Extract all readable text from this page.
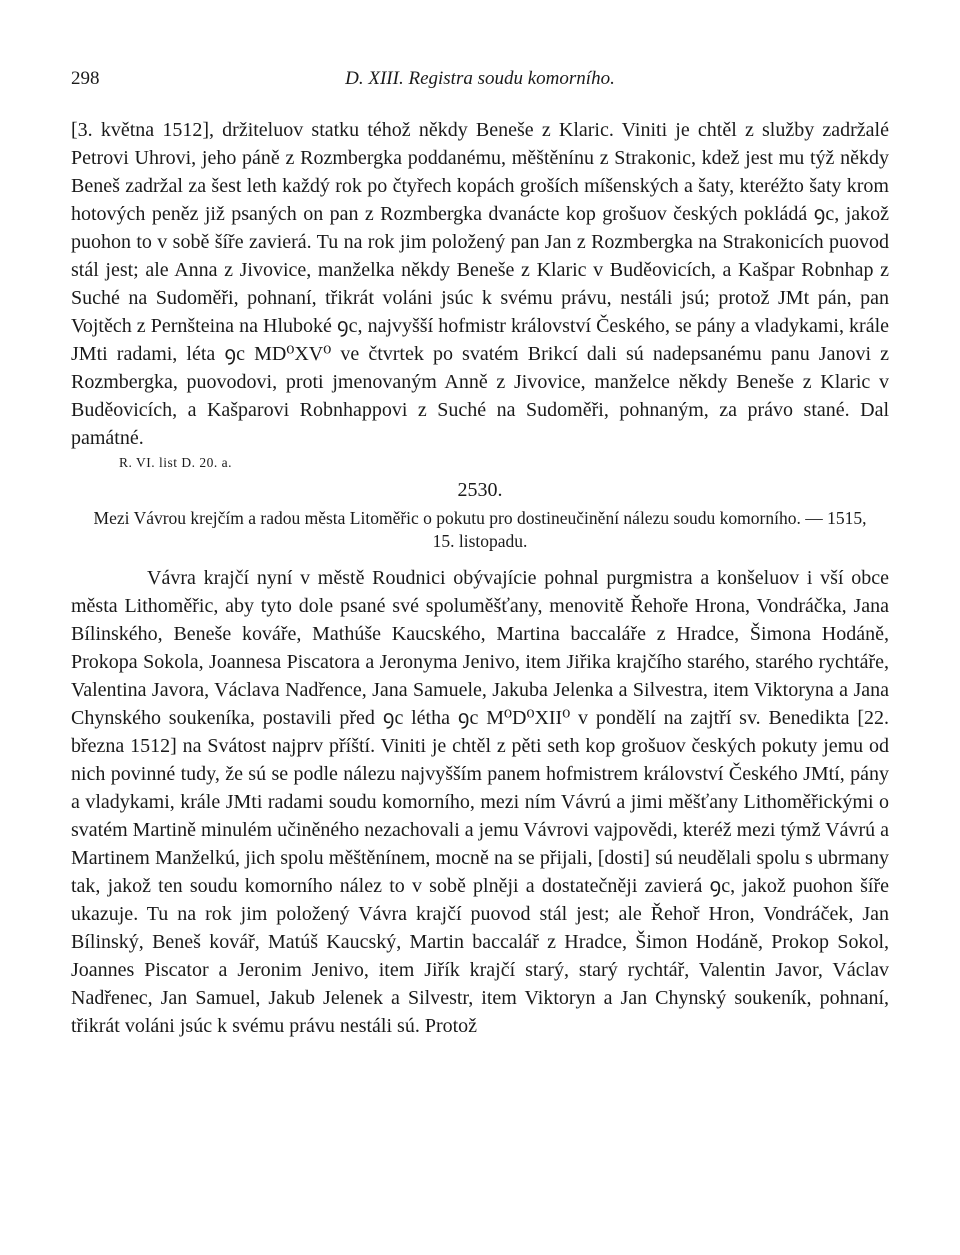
298	D. XIII. Registra soudu komorního.

[3. května 1512], držiteluov statku téhož někdy Beneše z Klaric. Viniti je chtěl z služby zadržalé Petrovi Uhrovi, jeho páně z Rozmbergka poddanému, měštěnínu z Strakonic, kdež jest mu týž někdy Beneš zadržal za šest leth každý rok po čtyřech kopách groších míšenských a šaty, kteréžto šaty krom hotových peněz již psaných on pan z Rozmbergka dvanácte kop grošuov českých pokládá ꝯc, jakož puohon to v sobě šíře zavierá. Tu na rok jim položený pan Jan z Rozmbergka na Strakonicích puovod stál jest; ale Anna z Jivovice, manželka někdy Beneše z Klaric v Buděovicích, a Kašpar Robnhap z Suché na Sudoměři, pohnaní, třikrát voláni jsúc k svému právu, nestáli jsú; protož JMt pán, pan Vojtěch z Pernšteina na Hluboké ꝯc, najvyšší hofmistr království Českého, se pány a vladykami, krále JMti radami, léta ꝯc MD⁰XV⁰ ve čtvrtek po svatém Brikcí dali sú nadepsanému panu Janovi z Rozmbergka, puovodovi, proti jmenovaným Anně z Jivovice, manželce někdy Beneše z Klaric v Buděovicích, a Kašparovi Robnhappovi z Suché na Sudoměři, pohnaným, za právo stané. Dal památné.

R. VI. list D. 20. a.
2530.
Mezi Vávrou krejčím a radou města Litoměřic o pokutu pro dostineučinění nálezu soudu komorního. — 1515, 15. listopadu.

Vávra krajčí nyní v městě Roudnici obývajície pohnal purgmistra a konšeluov i vší obce města Lithoměřic, aby tyto dole psané své spoluměšťany, menovitě Řehoře Hrona, Vondráčka, Jana Bílinského, Beneše kováře, Mathúše Kaucského, Martina baccaláře z Hradce, Šimona Hodáně, Prokopa Sokola, Joannesa Piscatora a Jeronyma Jenivo, item Jiřika krajčího starého, starého rychtáře, Valentina Javora, Václava Nadřence, Jana Samuele, Jakuba Jelenka a Silvestra, item Viktoryna a Jana Chynského soukeníka, postavili před ꝯc létha ꝯc M⁰D⁰XII⁰ v pondělí na zajtří sv. Benedikta [22. března 1512] na Svátost najprv příští. Viniti je chtěl z pěti seth kop grošuov českých pokuty jemu od nich povinné tudy, že sú se podle nálezu najvyšším panem hofmistrem království Českého JMtí, pány a vladykami, krále JMti radami soudu komorního, mezi ním Vávrú a jimi měšťany Lithoměřickými o svatém Martině minulém učiněného nezachovali a jemu Vávrovi vajpovědi, kteréž mezi týmž Vávrú a Martinem Manželkú, jich spolu měštěnínem, mocně na se přijali, [dosti] sú neudělali spolu s ubrmany tak, jakož ten soudu komorního nález to v sobě plněji a dostatečněji zavierá ꝯc, jakož puohon šíře ukazuje. Tu na rok jim položený Vávra krajčí puovod stál jest; ale Řehoř Hron, Vondráček, Jan Bílinský, Beneš kovář, Matúš Kaucský, Martin baccalář z Hradce, Šimon Hodáně, Prokop Sokol, Joannes Piscator a Jeronim Jenivo, item Jiřík krajčí starý, starý rychtář, Valentin Javor, Václav Nadřenec, Jan Samuel, Jakub Jelenek a Silvestr, item Viktoryn a Jan Chynský soukeník, pohnaní, třikrát voláni jsúc k svému právu nestáli sú. Protož
